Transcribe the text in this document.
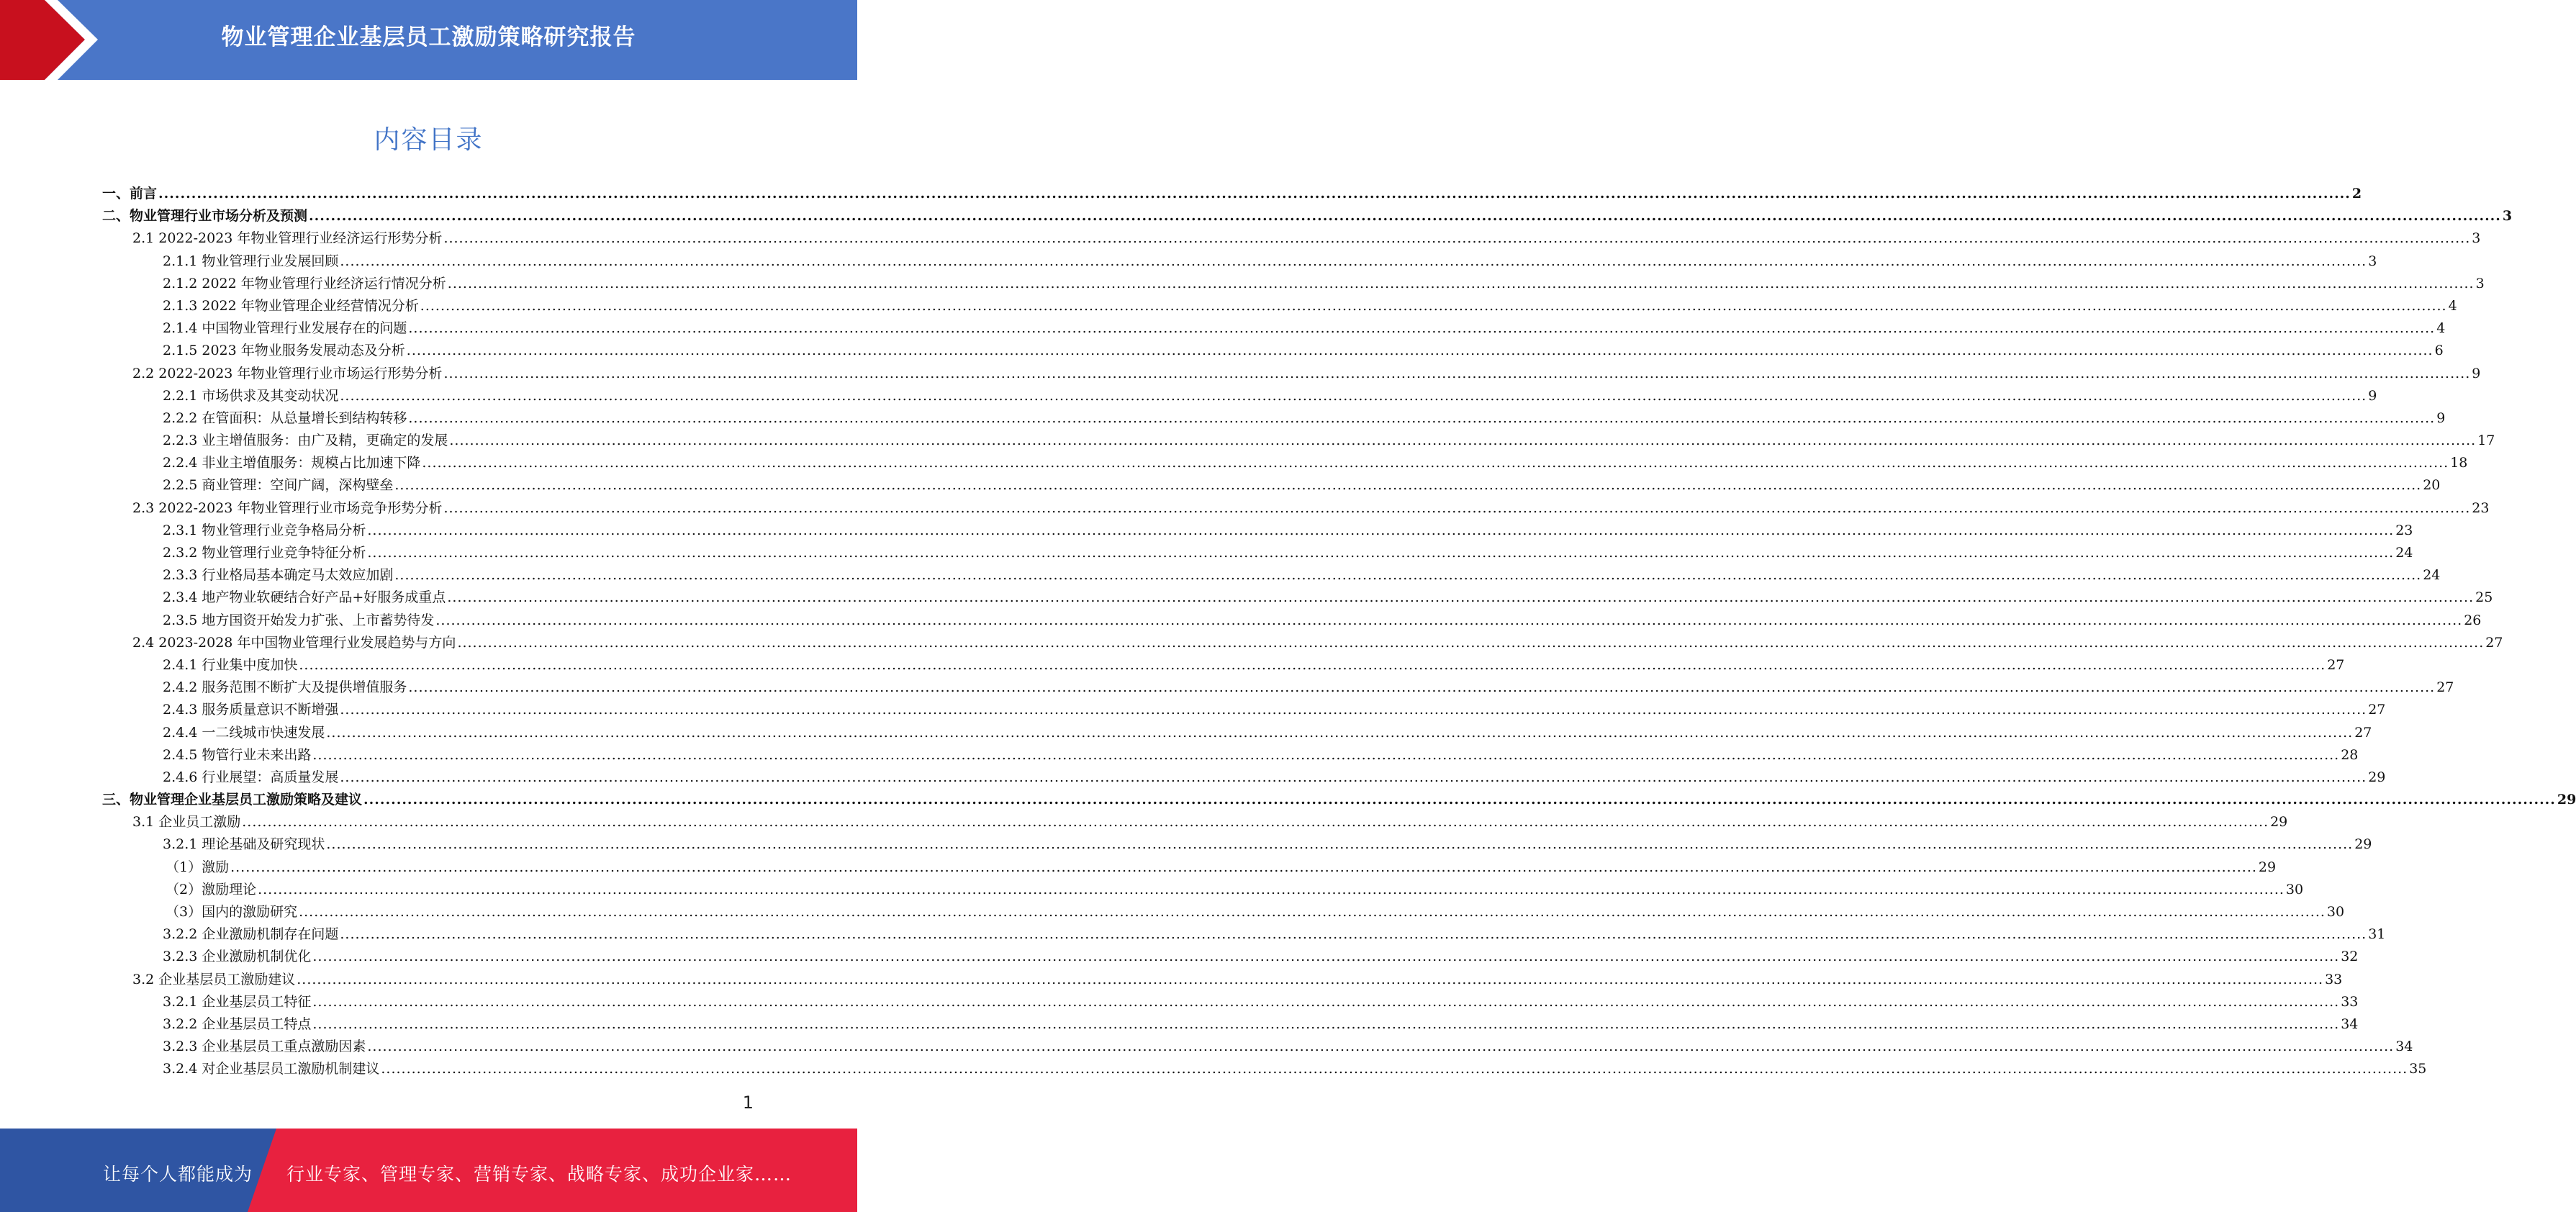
物业管理企业基层员工激励策略研究报告
内容目录
一、前言 ................................................................................................................................................................................................................................................................................................................................................................................................................ 2
二、物业管理行业市场分析及预测 ................................................................................................................................................................................................................................................................................................................................................................................................................ 3
2.1 2022-2023 年物业管理行业经济运行形势分析 ................................................................................................................................................................................................................................................................................................................................................................................................................ 3
2.1.1 物业管理行业发展回顾 ................................................................................................................................................................................................................................................................................................................................................................................................................ 3
2.1.2 2022 年物业管理行业经济运行情况分析 ................................................................................................................................................................................................................................................................................................................................................................................................................ 3
2.1.3 2022 年物业管理企业经营情况分析 ................................................................................................................................................................................................................................................................................................................................................................................................................ 4
2.1.4 中国物业管理行业发展存在的问题 ................................................................................................................................................................................................................................................................................................................................................................................................................ 4
2.1.5 2023 年物业服务发展动态及分析 ................................................................................................................................................................................................................................................................................................................................................................................................................ 6
2.2 2022-2023 年物业管理行业市场运行形势分析 ................................................................................................................................................................................................................................................................................................................................................................................................................ 9
2.2.1 市场供求及其变动状况 ................................................................................................................................................................................................................................................................................................................................................................................................................ 9
2.2.2 在管面积：从总量增长到结构转移 ................................................................................................................................................................................................................................................................................................................................................................................................................ 9
2.2.3 业主增值服务：由广及精，更确定的发展 ................................................................................................................................................................................................................................................................................................................................................................................................................ 17
2.2.4 非业主增值服务：规模占比加速下降 ................................................................................................................................................................................................................................................................................................................................................................................................................ 18
2.2.5 商业管理：空间广阔，深构壁垒 ................................................................................................................................................................................................................................................................................................................................................................................................................ 20
2.3 2022-2023 年物业管理行业市场竞争形势分析 ................................................................................................................................................................................................................................................................................................................................................................................................................ 23
2.3.1 物业管理行业竞争格局分析 ................................................................................................................................................................................................................................................................................................................................................................................................................ 23
2.3.2 物业管理行业竞争特征分析 ................................................................................................................................................................................................................................................................................................................................................................................................................ 24
2.3.3 行业格局基本确定马太效应加剧 ................................................................................................................................................................................................................................................................................................................................................................................................................ 24
2.3.4 地产物业软硬结合好产品+好服务成重点 ................................................................................................................................................................................................................................................................................................................................................................................................................ 25
2.3.5 地方国资开始发力扩张、上市蓄势待发 ................................................................................................................................................................................................................................................................................................................................................................................................................ 26
2.4 2023-2028 年中国物业管理行业发展趋势与方向 ................................................................................................................................................................................................................................................................................................................................................................................................................ 27
2.4.1 行业集中度加快 ................................................................................................................................................................................................................................................................................................................................................................................................................ 27
2.4.2 服务范围不断扩大及提供增值服务 ................................................................................................................................................................................................................................................................................................................................................................................................................ 27
2.4.3 服务质量意识不断增强 ................................................................................................................................................................................................................................................................................................................................................................................................................ 27
2.4.4 一二线城市快速发展 ................................................................................................................................................................................................................................................................................................................................................................................................................ 27
2.4.5 物管行业未来出路 ................................................................................................................................................................................................................................................................................................................................................................................................................ 28
2.4.6 行业展望：高质量发展 ................................................................................................................................................................................................................................................................................................................................................................................................................ 29
三、物业管理企业基层员工激励策略及建议 ................................................................................................................................................................................................................................................................................................................................................................................................................ 29
3.1 企业员工激励 ................................................................................................................................................................................................................................................................................................................................................................................................................ 29
3.2.1 理论基础及研究现状 ................................................................................................................................................................................................................................................................................................................................................................................................................ 29
（1）激励 ................................................................................................................................................................................................................................................................................................................................................................................................................ 29
（2）激励理论 ................................................................................................................................................................................................................................................................................................................................................................................................................ 30
（3）国内的激励研究 ................................................................................................................................................................................................................................................................................................................................................................................................................ 30
3.2.2 企业激励机制存在问题 ................................................................................................................................................................................................................................................................................................................................................................................................................ 31
3.2.3 企业激励机制优化 ................................................................................................................................................................................................................................................................................................................................................................................................................ 32
3.2 企业基层员工激励建议 ................................................................................................................................................................................................................................................................................................................................................................................................................ 33
3.2.1 企业基层员工特征 ................................................................................................................................................................................................................................................................................................................................................................................................................ 33
3.2.2 企业基层员工特点 ................................................................................................................................................................................................................................................................................................................................................................................................................ 34
3.2.3 企业基层员工重点激励因素 ................................................................................................................................................................................................................................................................................................................................................................................................................ 34
3.2.4 对企业基层员工激励机制建议 ................................................................................................................................................................................................................................................................................................................................................................................................................ 35
1
让每个人都能成为 行业专家、管理专家、营销专家、战略专家、成功企业家……
